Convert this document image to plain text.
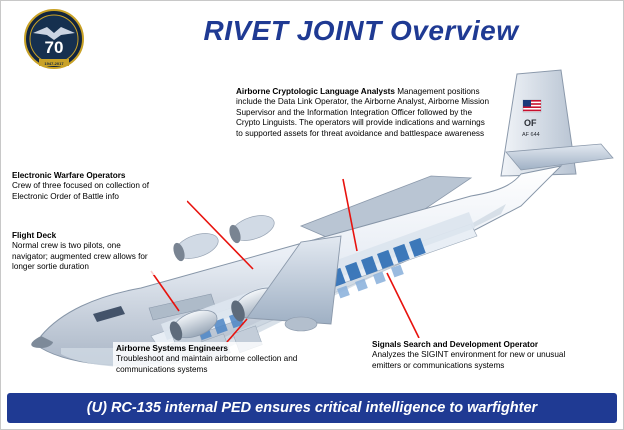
70
1947-2017
RIVET JOINT Overview
OF
AF 644
Airborne Cryptologic Language Analysts Management positions include the Data Link Operator, the Airborne Analyst, Airborne Mission Supervisor and the Information Integration Officer followed by the Crypto Linguists. The operators will provide indications and warnings to supported assets for threat avoidance and battlespace awareness
Electronic Warfare Operators
Crew of three focused on collection of Electronic Order of Battle info
Flight Deck
Normal crew is two pilots, one navigator; augmented crew allows for longer sortie duration
Airborne Systems Engineers
Troubleshoot and maintain airborne collection and communications systems
Signals Search and Development Operator
Analyzes the SIGINT environment for new or unusual emitters or communications systems
(U) RC-135 internal PED ensures critical intelligence to warfighter
